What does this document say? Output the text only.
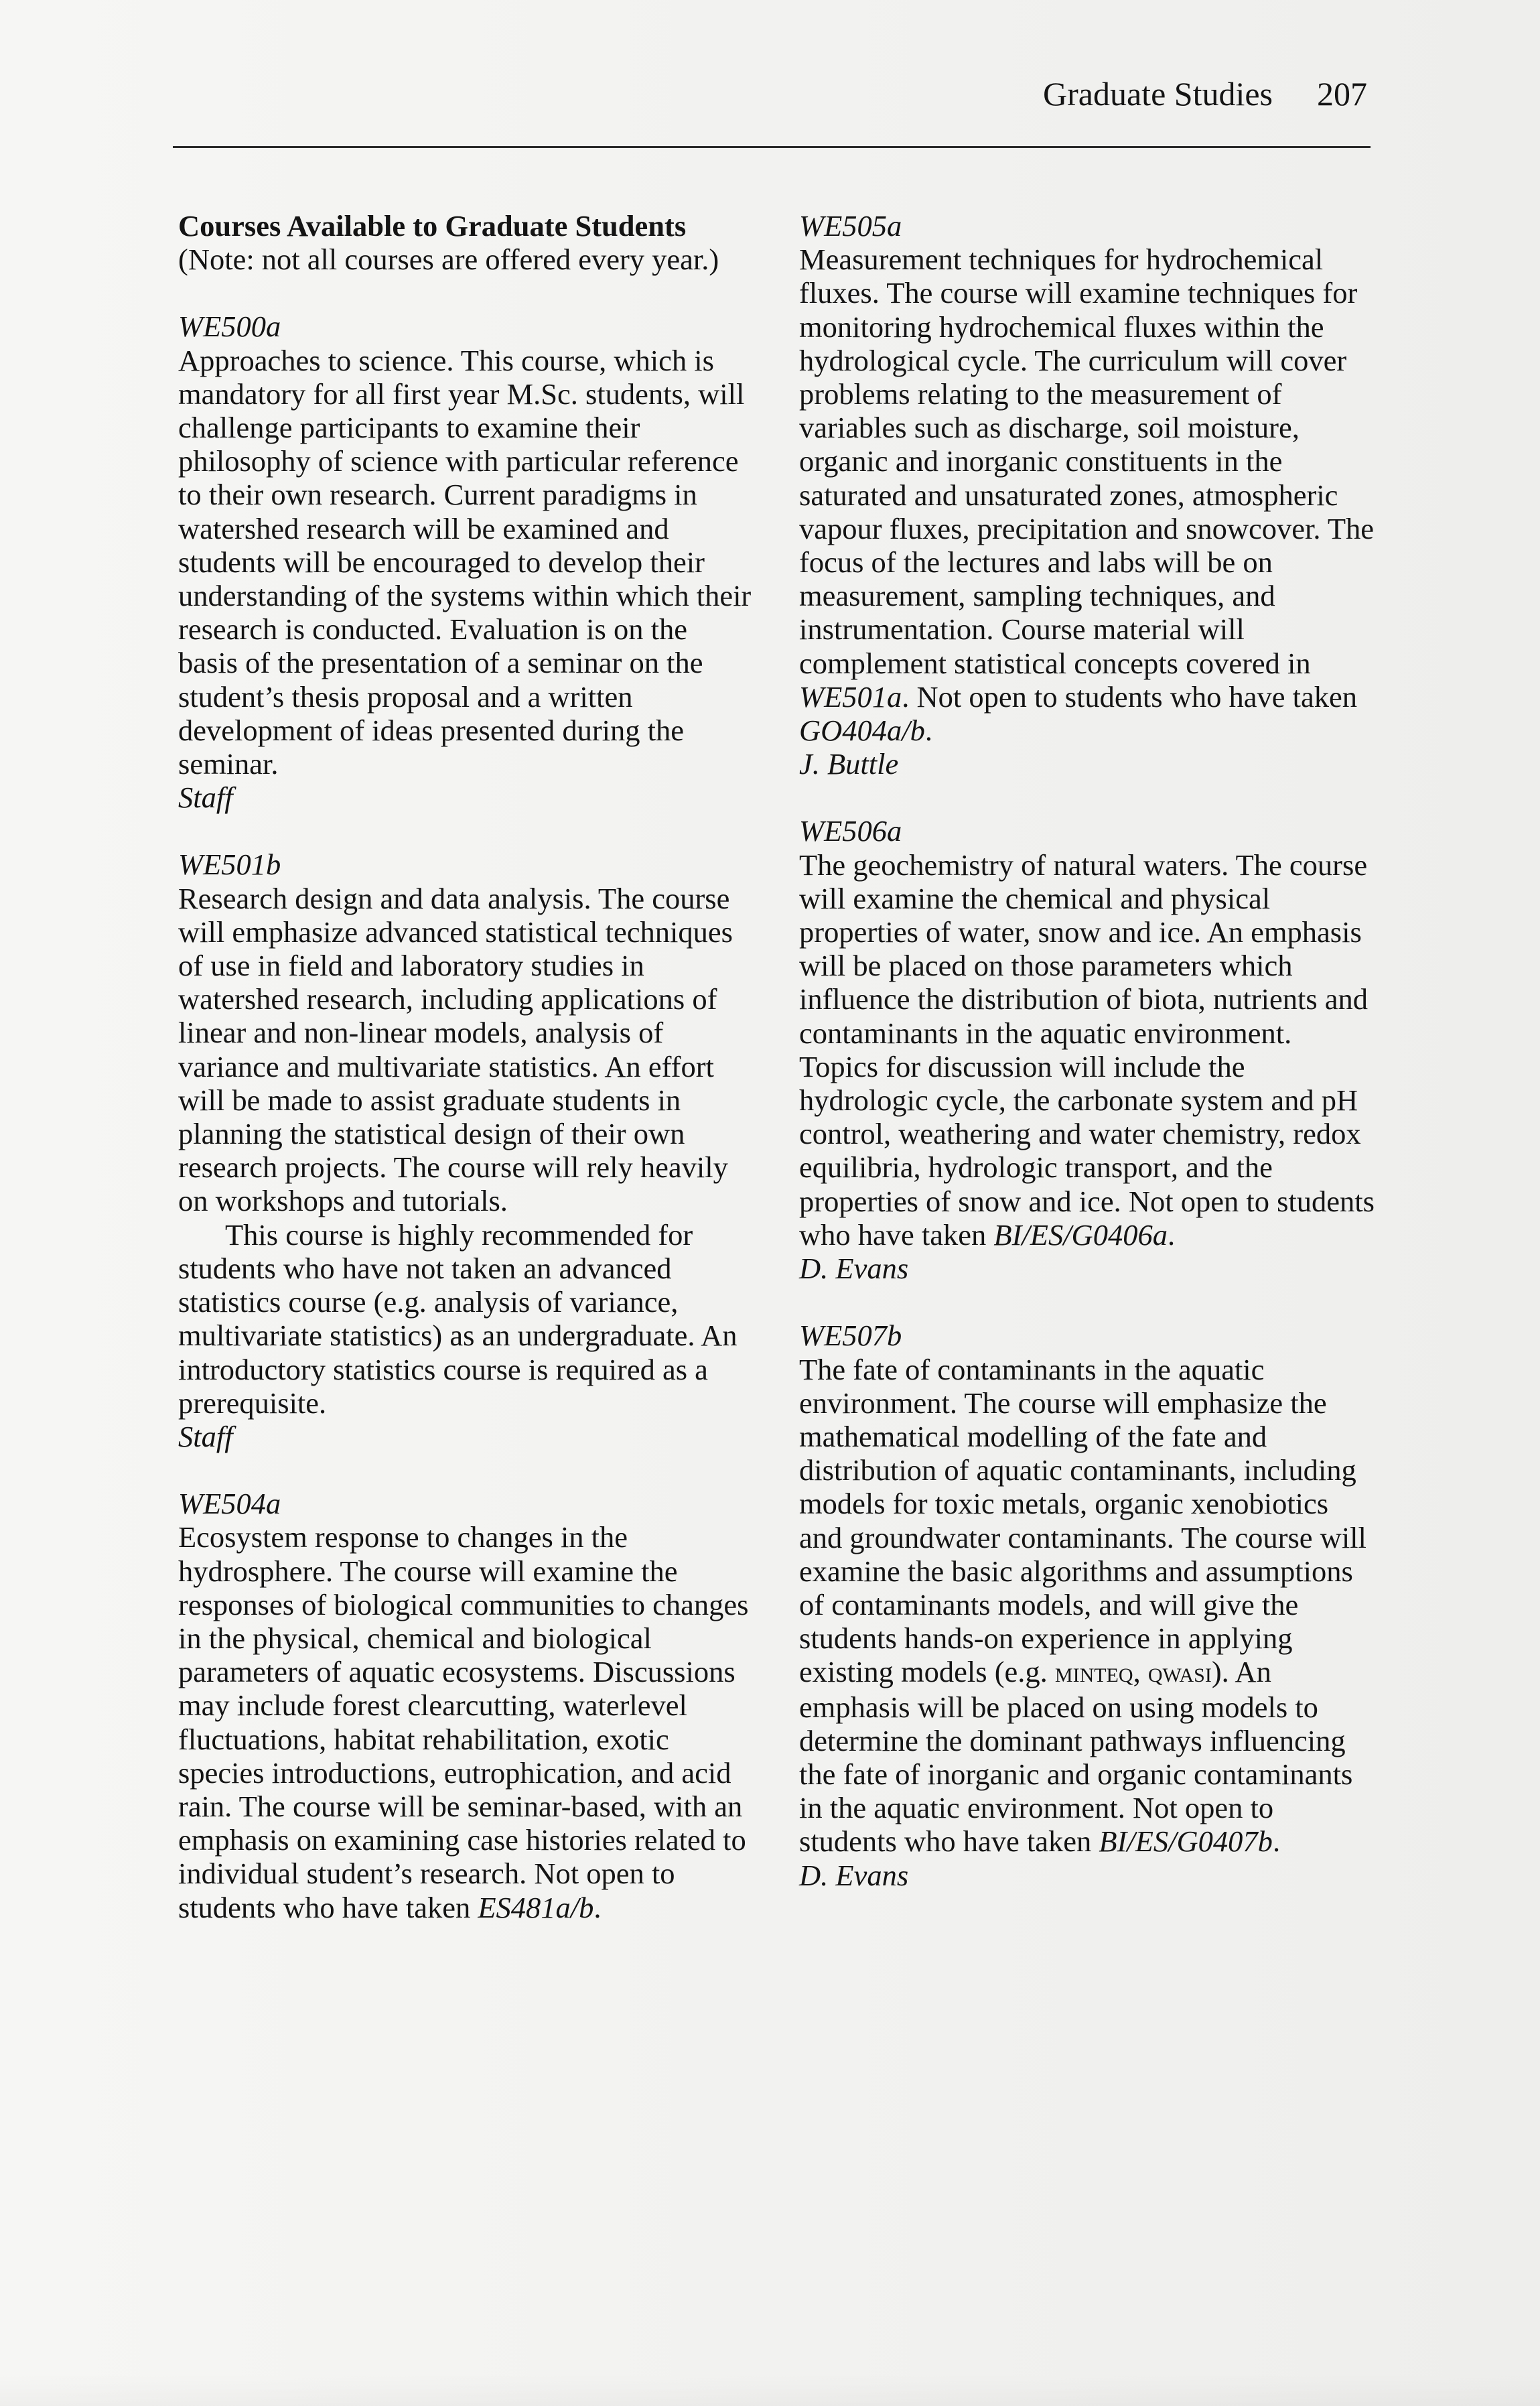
Graduate Studies 207
Courses Available to Graduate Students
(Note: not all courses are offered every year.)
WE500a

Approaches to science. This course, which is mandatory for all first year M.Sc. students, will challenge participants to examine their philosophy of science with particular reference to their own research. Current paradigms in watershed research will be examined and students will be encouraged to develop their understanding of the systems within which their research is conducted. Evaluation is on the basis of the presentation of a seminar on the student’s thesis proposal and a written development of ideas presented during the seminar.

Staff
WE501b

Research design and data analysis. The course will emphasize advanced statistical techniques of use in field and laboratory studies in watershed research, including applications of linear and non-linear models, analysis of variance and multivariate statistics. An effort will be made to assist graduate students in planning the statistical design of their own research projects. The course will rely heavily on workshops and tutorials.

This course is highly recommended for students who have not taken an advanced statistics course (e.g. analysis of variance, multivariate statistics) as an undergraduate. An introductory statistics course is required as a prerequisite.

Staff
WE504a

Ecosystem response to changes in the hydrosphere. The course will examine the responses of biological communities to changes in the physical, chemical and biological parameters of aquatic ecosystems. Discussions may include forest clearcutting, waterlevel fluctuations, habitat rehabilitation, exotic species introductions, eutrophication, and acid rain. The course will be seminar-based, with an emphasis on examining case histories related to individual student’s research. Not open to students who have taken ES481a/b.

WE505a

Measurement techniques for hydrochemical fluxes. The course will examine techniques for monitoring hydrochemical fluxes within the hydrological cycle. The curriculum will cover problems relating to the measurement of variables such as discharge, soil moisture, organic and inorganic constituents in the saturated and unsaturated zones, atmospheric vapour fluxes, precipitation and snowcover. The focus of the lectures and labs will be on measurement, sampling techniques, and instrumentation. Course material will complement statistical concepts covered in WE501a. Not open to students who have taken GO404a/b.

J. Buttle
WE506a

The geochemistry of natural waters. The course will examine the chemical and physical properties of water, snow and ice. An emphasis will be placed on those parameters which influence the distribution of biota, nutrients and contaminants in the aquatic environment. Topics for discussion will include the hydrologic cycle, the carbonate system and pH control, weathering and water chemistry, redox equilibria, hydrologic transport, and the properties of snow and ice. Not open to students who have taken BI/ES/G0406a.

D. Evans
WE507b

The fate of contaminants in the aquatic environment. The course will emphasize the mathematical modelling of the fate and distribution of aquatic contaminants, including models for toxic metals, organic xenobiotics and groundwater contaminants. The course will examine the basic algorithms and assumptions of contaminants models, and will give the students hands-on experience in applying existing models (e.g. minteq, qwasi). An emphasis will be placed on using models to determine the dominant pathways influencing the fate of inorganic and organic contaminants in the aquatic environment. Not open to students who have taken BI/ES/G0407b.

D. Evans
